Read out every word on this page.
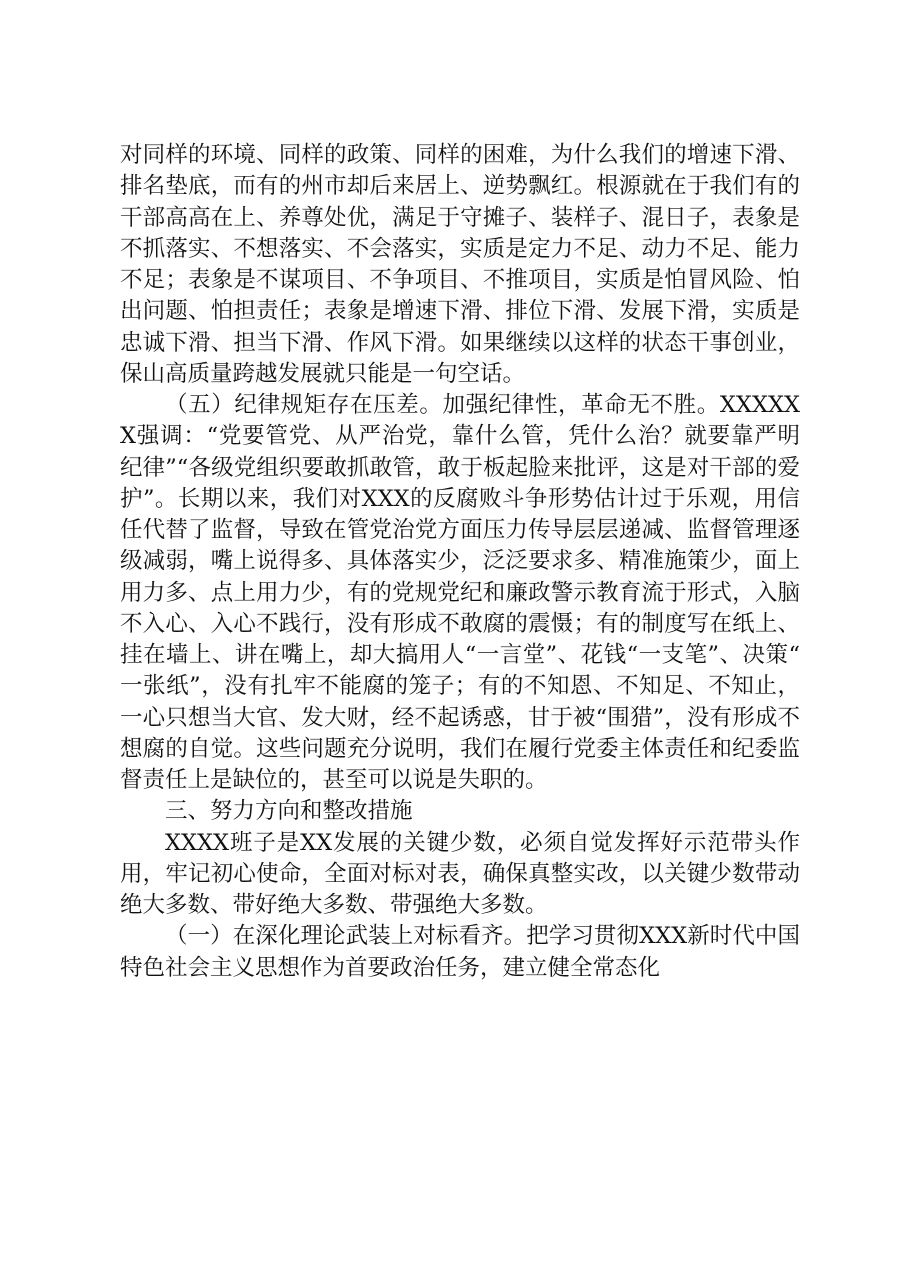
对同样的环境、同样的政策、同样的困难，为什么我们的增速下滑、排名垫底，而有的州市却后来居上、逆势飘红。根源就在于我们有的干部高高在上、养尊处优，满足于守摊子、装样子、混日子，表象是不抓落实、不想落实、不会落实，实质是定力不足、动力不足、能力不足；表象是不谋项目、不争项目、不推项目，实质是怕冒风险、怕出问题、怕担责任；表象是增速下滑、排位下滑、发展下滑，实质是忠诚下滑、担当下滑、作风下滑。如果继续以这样的状态干事创业，保山高质量跨越发展就只能是一句空话。

（五）纪律规矩存在压差。加强纪律性，革命无不胜。XXXXXX强调：“党要管党、从严治党，靠什么管，凭什么治？就要靠严明纪律”“各级党组织要敢抓敢管，敢于板起脸来批评，这是对干部的爱护”。长期以来，我们对XXX的反腐败斗争形势估计过于乐观，用信任代替了监督，导致在管党治党方面压力传导层层递减、监督管理逐级减弱，嘴上说得多、具体落实少，泛泛要求多、精准施策少，面上用力多、点上用力少，有的党规党纪和廉政警示教育流于形式，入脑不入心、入心不践行，没有形成不敢腐的震慑；有的制度写在纸上、挂在墙上、讲在嘴上，却大搞用人“一言堂”、花钱“一支笔”、决策“一张纸”，没有扎牢不能腐的笼子；有的不知恩、不知足、不知止，一心只想当大官、发大财，经不起诱惑，甘于被“围猎”，没有形成不想腐的自觉。这些问题充分说明，我们在履行党委主体责任和纪委监督责任上是缺位的，甚至可以说是失职的。

三、努力方向和整改措施

XXXX班子是XX发展的关键少数，必须自觉发挥好示范带头作用，牢记初心使命，全面对标对表，确保真整实改，以关键少数带动绝大多数、带好绝大多数、带强绝大多数。

（一）在深化理论武装上对标看齐。把学习贯彻XXX新时代中国特色社会主义思想作为首要政治任务，建立健全常态化
